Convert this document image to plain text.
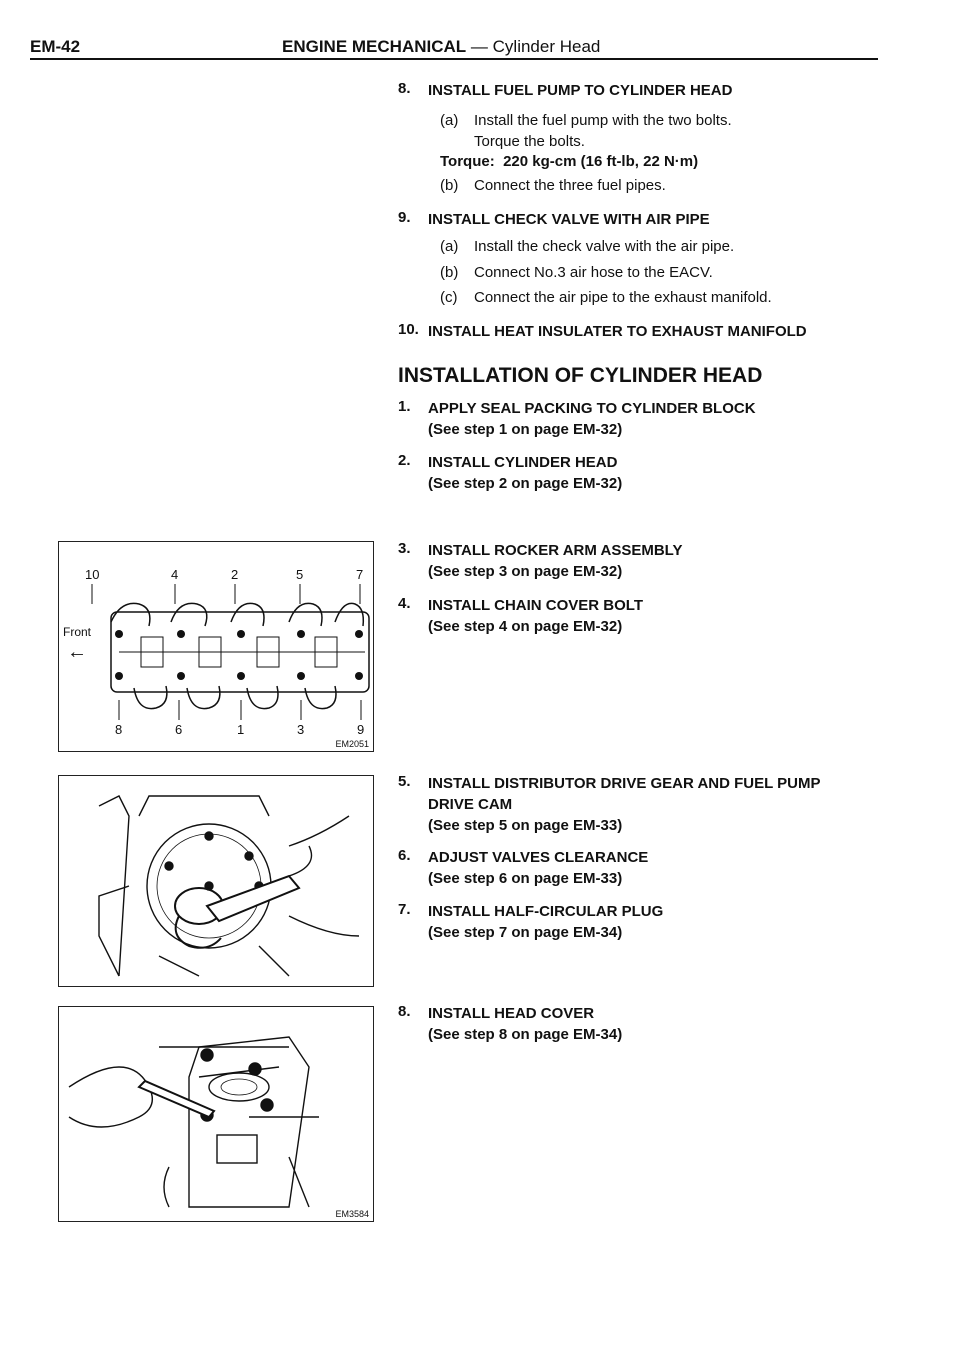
EM-42	ENGINE MECHANICAL — Cylinder Head
8. INSTALL FUEL PUMP TO CYLINDER HEAD
(a) Install the fuel pump with the two bolts.
Torque the bolts.
Torque: 220 kg-cm (16 ft-lb, 22 N·m)
(b) Connect the three fuel pipes.
9. INSTALL CHECK VALVE WITH AIR PIPE
(a) Install the check valve with the air pipe.
(b) Connect No.3 air hose to the EACV.
(c) Connect the air pipe to the exhaust manifold.
10. INSTALL HEAT INSULATER TO EXHAUST MANIFOLD
INSTALLATION OF CYLINDER HEAD
1. APPLY SEAL PACKING TO CYLINDER BLOCK
(See step 1 on page EM-32)
2. INSTALL CYLINDER HEAD
(See step 2 on page EM-32)
3. INSTALL ROCKER ARM ASSEMBLY
(See step 3 on page EM-32)
4. INSTALL CHAIN COVER BOLT
(See step 4 on page EM-32)
5. INSTALL DISTRIBUTOR DRIVE GEAR AND FUEL PUMP
DRIVE CAM
(See step 5 on page EM-33)
6. ADJUST VALVES CLEARANCE
(See step 6 on page EM-33)
7. INSTALL HALF-CIRCULAR PLUG
(See step 7 on page EM-34)
8. INSTALL HEAD COVER
(See step 8 on page EM-34)
10	4	2	5	7
8	6	1	3	9
Front
←
EM2051
EM3584
